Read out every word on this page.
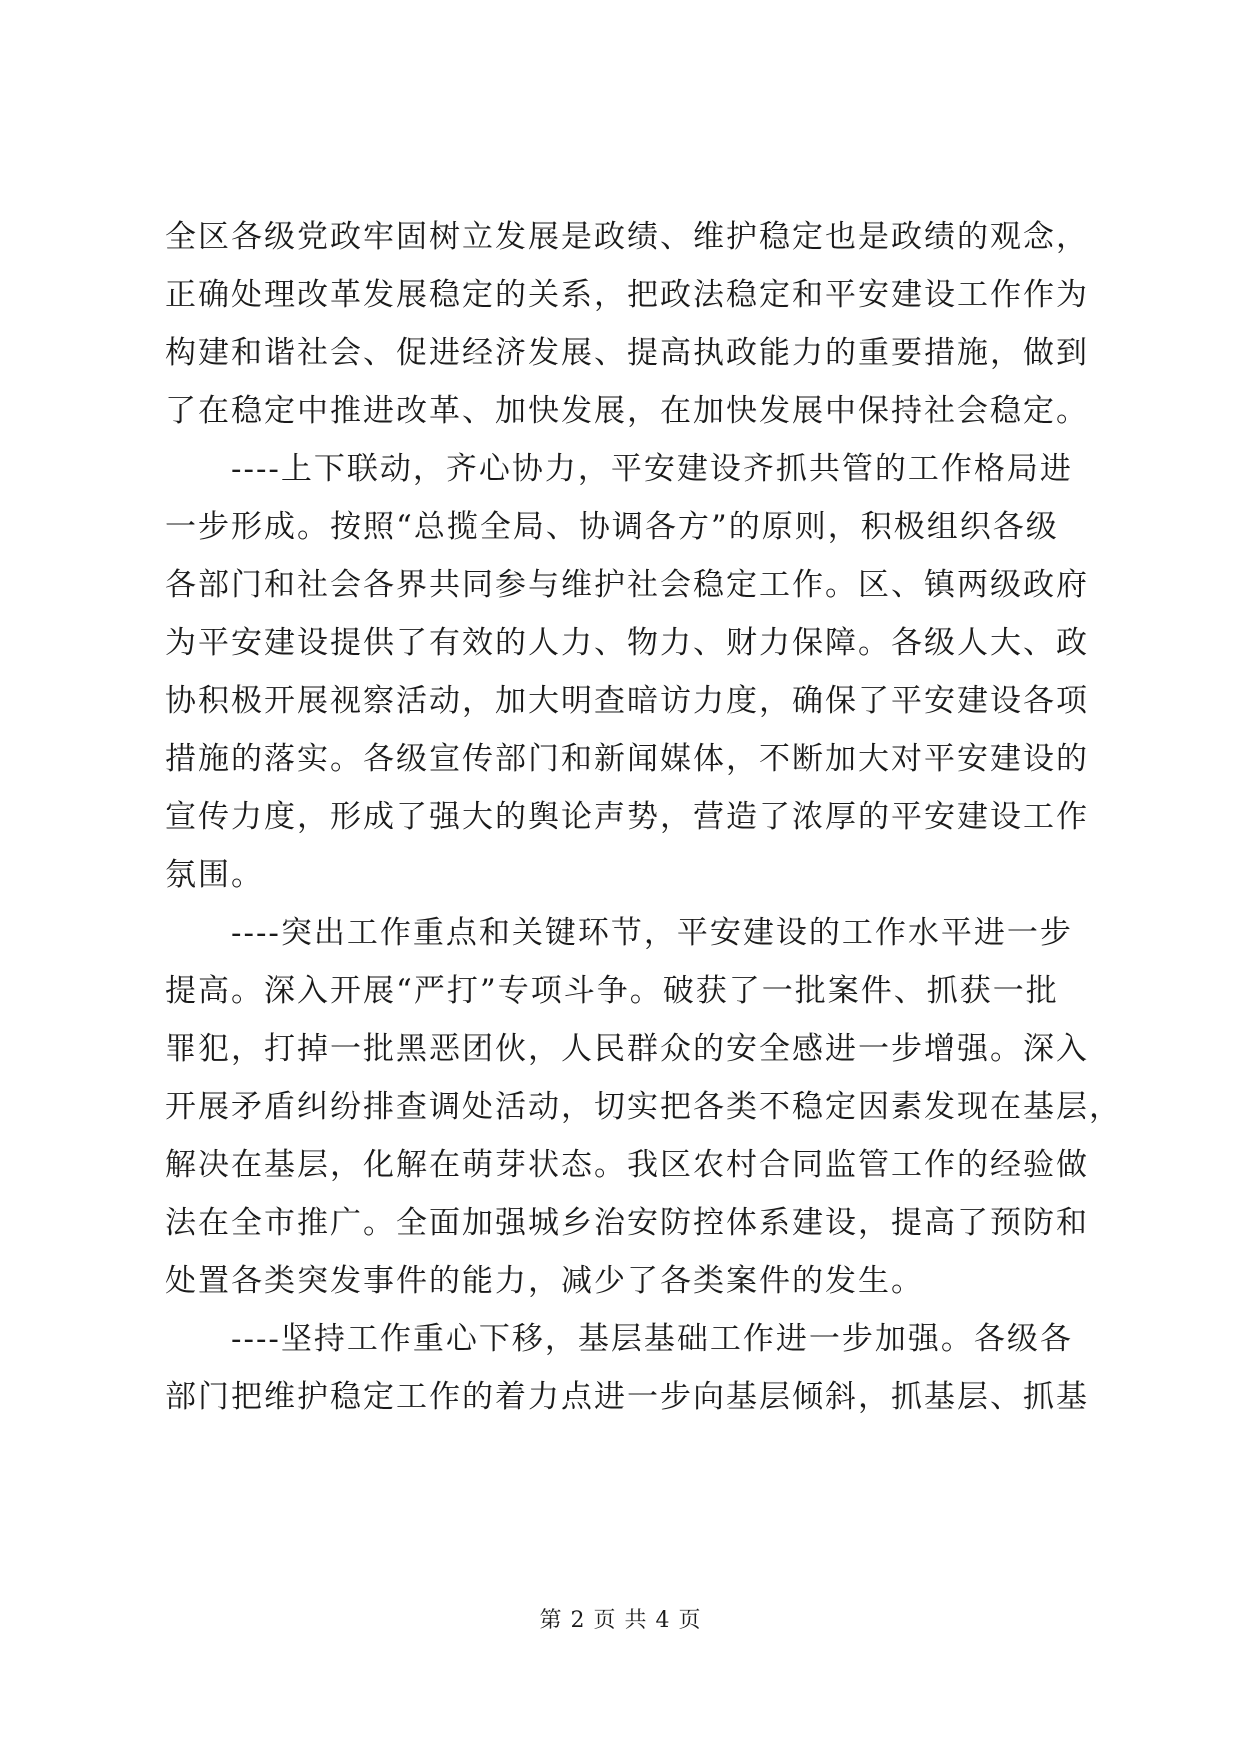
全区各级党政牢固树立发展是政绩、维护稳定也是政绩的观念，
正确处理改革发展稳定的关系，把政法稳定和平安建设工作作为
构建和谐社会、促进经济发展、提高执政能力的重要措施，做到
了在稳定中推进改革、加快发展，在加快发展中保持社会稳定。
----上下联动，齐心协力，平安建设齐抓共管的工作格局进
一步形成。按照“总揽全局、协调各方”的原则，积极组织各级
各部门和社会各界共同参与维护社会稳定工作。区、镇两级政府
为平安建设提供了有效的人力、物力、财力保障。各级人大、政
协积极开展视察活动，加大明查暗访力度，确保了平安建设各项
措施的落实。各级宣传部门和新闻媒体，不断加大对平安建设的
宣传力度，形成了强大的舆论声势，营造了浓厚的平安建设工作
氛围。
----突出工作重点和关键环节，平安建设的工作水平进一步
提高。深入开展“严打”专项斗争。破获了一批案件、抓获一批
罪犯，打掉一批黑恶团伙，人民群众的安全感进一步增强。深入
开展矛盾纠纷排查调处活动，切实把各类不稳定因素发现在基层，
解决在基层，化解在萌芽状态。我区农村合同监管工作的经验做
法在全市推广。全面加强城乡治安防控体系建设，提高了预防和
处置各类突发事件的能力，减少了各类案件的发生。
----坚持工作重心下移，基层基础工作进一步加强。各级各
部门把维护稳定工作的着力点进一步向基层倾斜，抓基层、抓基
第 2 页 共 4 页
